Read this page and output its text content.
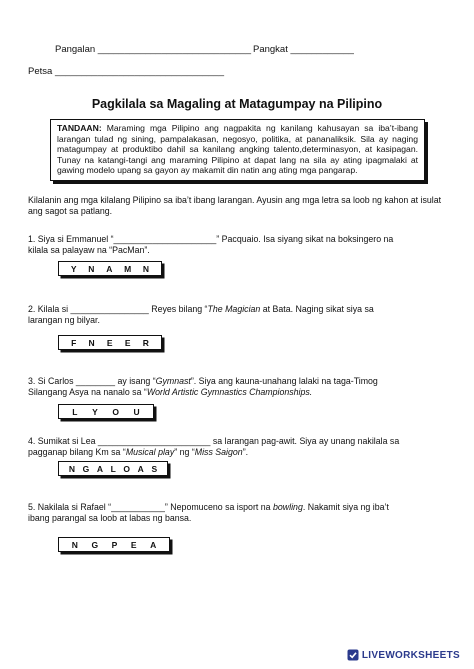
Pangalan _____________________________ Pangkat ____________
Petsa ________________________________
Pagkilala sa Magaling at Matagumpay na Pilipino
TANDAAN: Maraming mga Pilipino ang nagpakita ng kanilang kahusayan sa iba’t-ibang larangan tulad ng sining, pampalakasan, negosyo, politika, at pananaliksik. Sila ay naging matagumpay at produktibo dahil sa kanilang angking talento,determinasyon, at kasipagan. Tunay na katangi-tangi ang maraming Pilipino at dapat lang na sila ay ating ipagmalaki at gawing modelo upang sa gayon ay makamit din natin ang ating mga pangarap.
Kilalanin ang mga kilalang Pilipino sa iba’t ibang larangan. Ayusin ang mga letra sa loob ng kahon at isulat ang sagot sa patlang.
1. Siya si Emmanuel “_____________________” Pacquaio. Isa siyang sikat na boksingero na kilala sa palayaw na “PacMan”.
Y N A M N
2. Kilala si ________________ Reyes bilang “The Magician at Bata. Naging sikat siya sa larangan ng bilyar.
F N E E R
3. Si Carlos ________ ay isang “Gymnast”. Siya ang kauna-unahang lalaki na taga-Timog Silangang Asya na nanalo sa “World Artistic Gymnastics Championships.
L Y O U
4. Sumikat si Lea _______________________ sa larangan pag-awit. Siya ay unang nakilala sa pagganap bilang Km sa “Musical play” ng “Miss Saigon”.
N G A L O A S
5. Nakilala si Rafael “___________” Nepomuceno sa isport na bowling. Nakamit siya ng iba’t ibang parangal sa loob at labas ng bansa.
N G P E A
LIVEWORKSHEETS
